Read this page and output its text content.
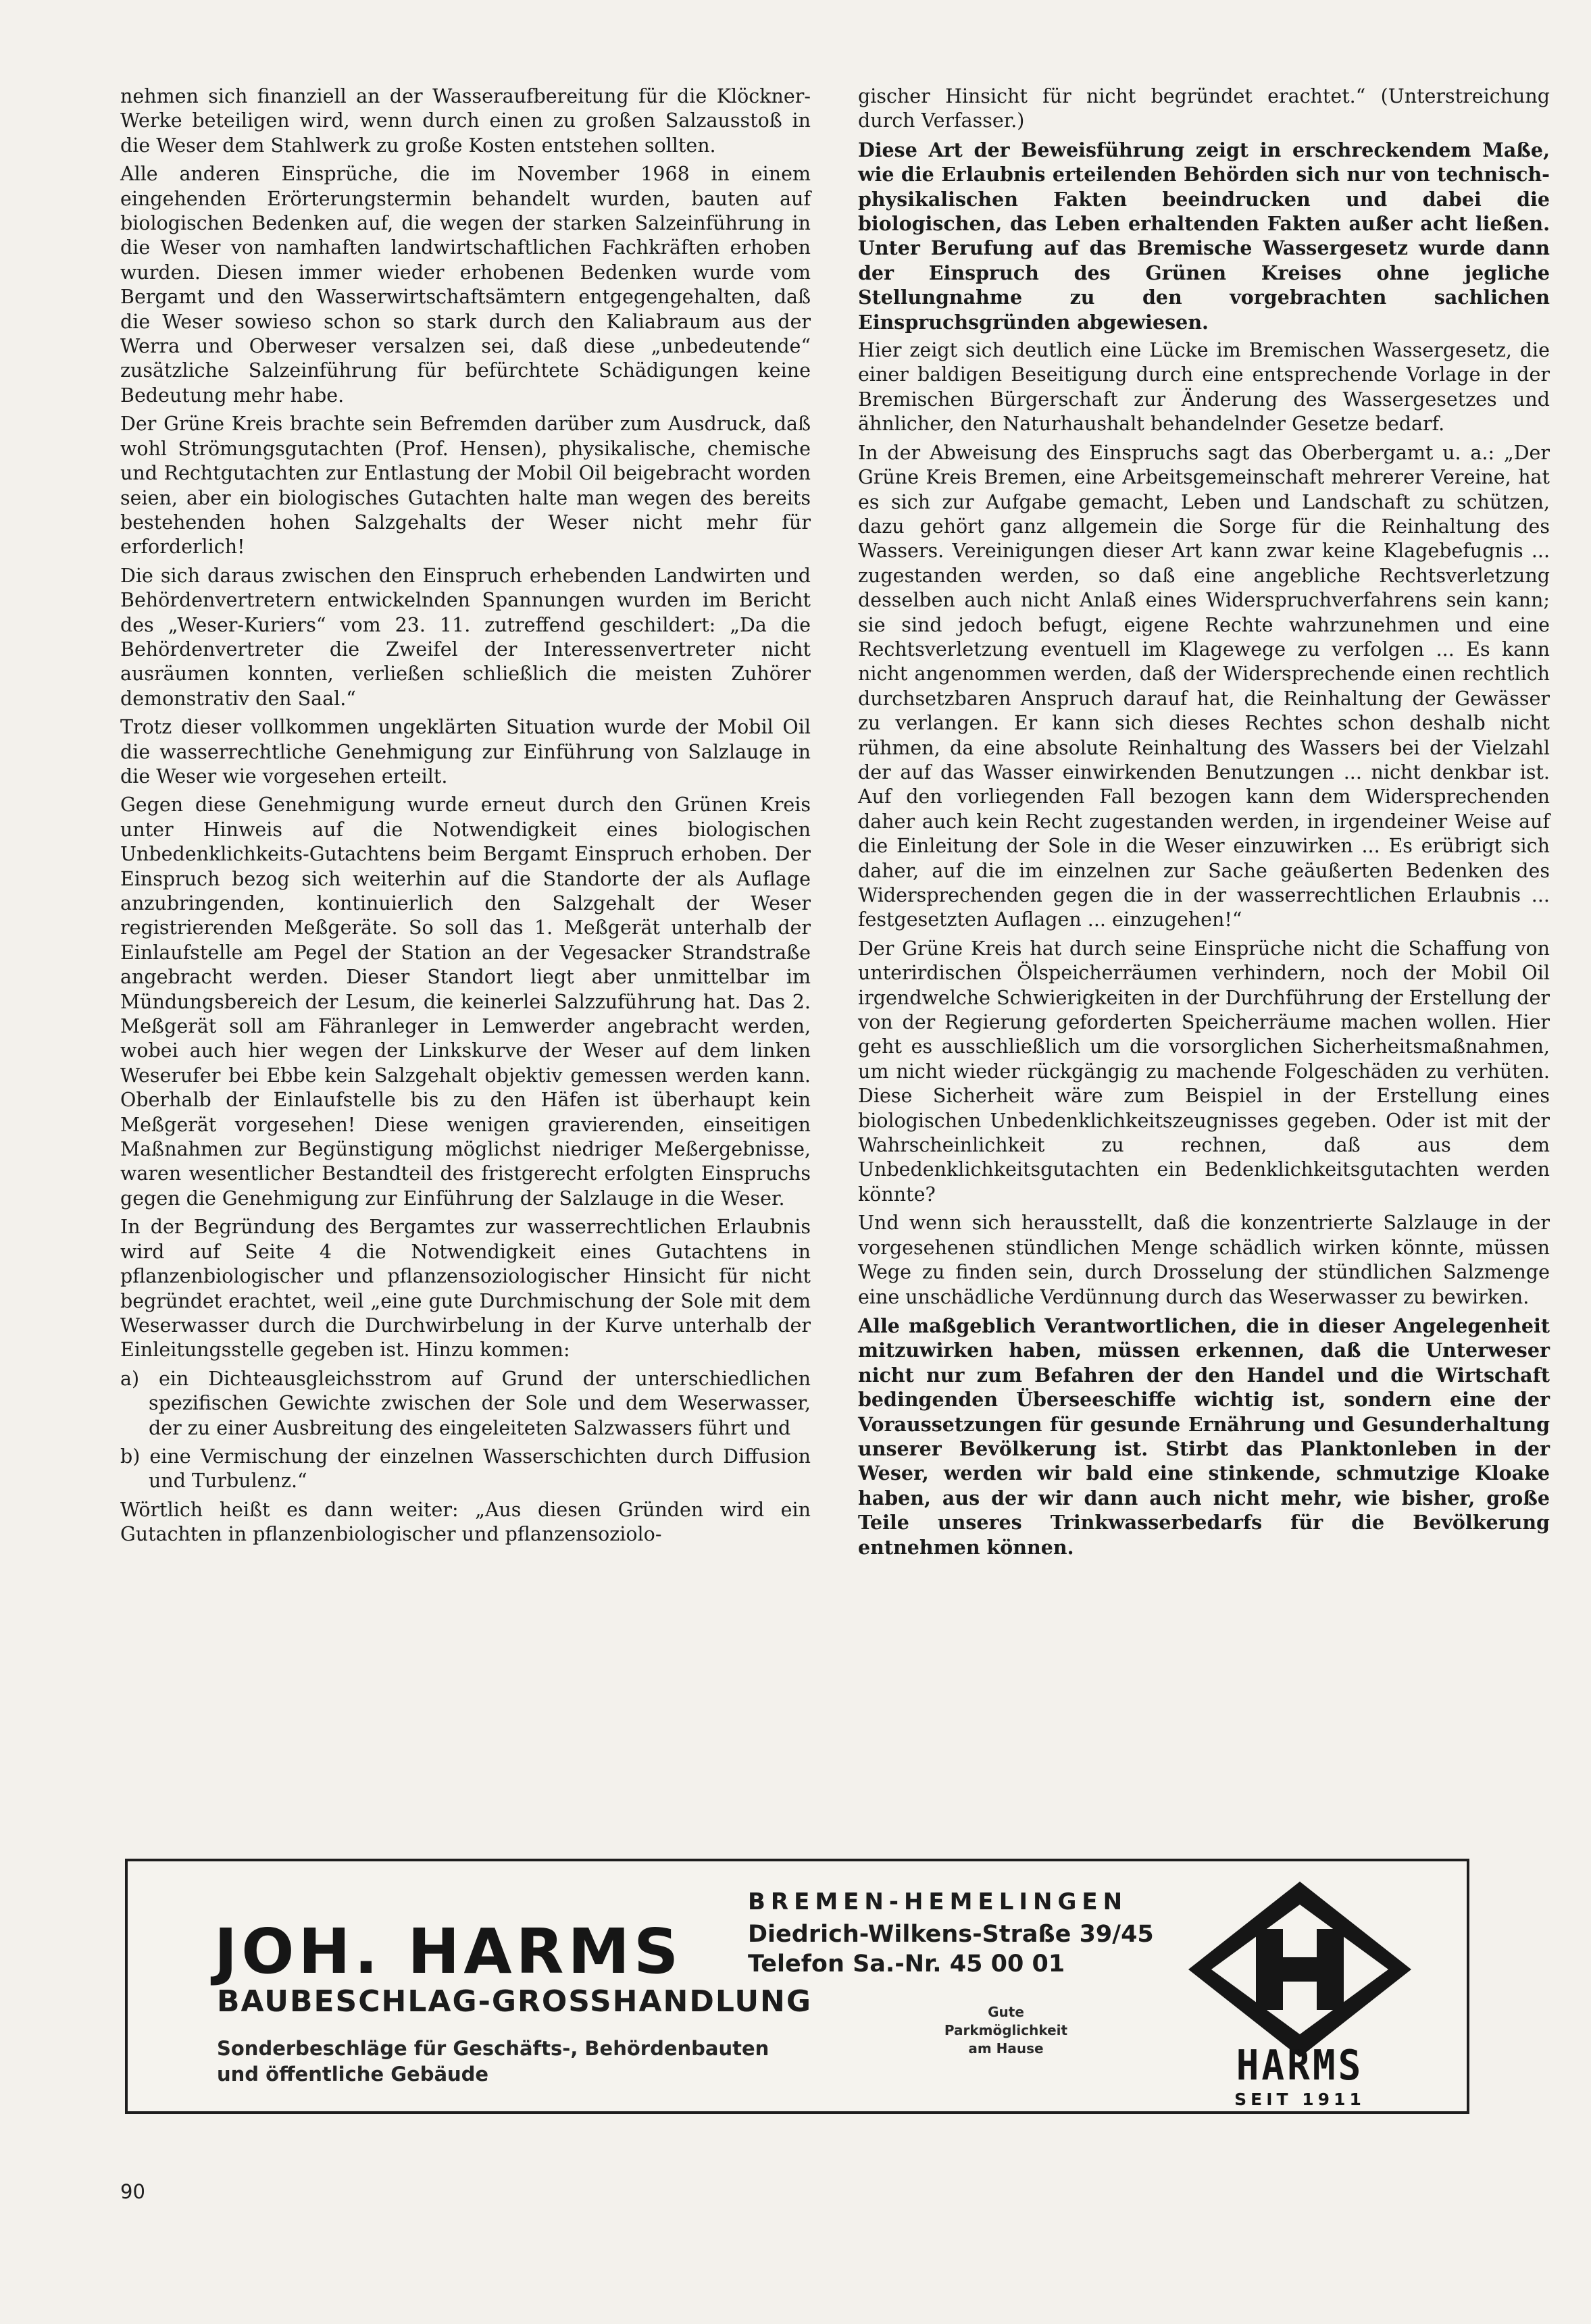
nehmen sich finanziell an der Wasseraufbereitung für die Klöckner-Werke beteiligen wird, wenn durch einen zu großen Salzausstoß in die Weser dem Stahlwerk zu große Kosten entstehen sollten.

Alle anderen Einsprüche, die im November 1968 in einem eingehenden Erörterungstermin behandelt wurden, bauten auf biologischen Bedenken auf, die wegen der starken Salzeinführung in die Weser von namhaften landwirtschaftlichen Fachkräften erhoben wurden. Diesen immer wieder erhobenen Bedenken wurde vom Bergamt und den Wasserwirtschaftsämtern entgegengehalten, daß die Weser sowieso schon so stark durch den Kaliabraum aus der Werra und Oberweser versalzen sei, daß diese „unbedeutende“ zusätzliche Salzeinführung für befürchtete Schädigungen keine Bedeutung mehr habe.

Der Grüne Kreis brachte sein Befremden darüber zum Ausdruck, daß wohl Strömungsgutachten (Prof. Hensen), physikalische, chemische und Rechtgutachten zur Entlastung der Mobil Oil beigebracht worden seien, aber ein biologisches Gutachten halte man wegen des bereits bestehenden hohen Salzgehalts der Weser nicht mehr für erforderlich!

Die sich daraus zwischen den Einspruch erhebenden Landwirten und Behördenvertretern entwickelnden Spannungen wurden im Bericht des „Weser-Kuriers“ vom 23. 11. zutreffend geschildert: „Da die Behördenvertreter die Zweifel der Interessenvertreter nicht ausräumen konnten, verließen schließlich die meisten Zuhörer demonstrativ den Saal.“

Trotz dieser vollkommen ungeklärten Situation wurde der Mobil Oil die wasserrechtliche Genehmigung zur Einführung von Salzlauge in die Weser wie vorgesehen erteilt.

Gegen diese Genehmigung wurde erneut durch den Grünen Kreis unter Hinweis auf die Notwendigkeit eines biologischen Unbedenklichkeits-Gutachtens beim Bergamt Einspruch erhoben. Der Einspruch bezog sich weiterhin auf die Standorte der als Auflage anzubringenden, kontinuierlich den Salzgehalt der Weser registrierenden Meßgeräte. So soll das 1. Meßgerät unterhalb der Einlaufstelle am Pegel der Station an der Vegesacker Strandstraße angebracht werden. Dieser Standort liegt aber unmittelbar im Mündungsbereich der Lesum, die keinerlei Salzzuführung hat. Das 2. Meßgerät soll am Fähranleger in Lemwerder angebracht werden, wobei auch hier wegen der Linkskurve der Weser auf dem linken Weserufer bei Ebbe kein Salzgehalt objektiv gemessen werden kann. Oberhalb der Einlaufstelle bis zu den Häfen ist überhaupt kein Meßgerät vorgesehen! Diese wenigen gravierenden, einseitigen Maßnahmen zur Begünstigung möglichst niedriger Meßergebnisse, waren wesentlicher Bestandteil des fristgerecht erfolgten Einspruchs gegen die Genehmigung zur Einführung der Salzlauge in die Weser.

In der Begründung des Bergamtes zur wasserrechtlichen Erlaubnis wird auf Seite 4 die Notwendigkeit eines Gutachtens in pflanzenbiologischer und pflanzensoziologischer Hinsicht für nicht begründet erachtet, weil „eine gute Durchmischung der Sole mit dem Weserwasser durch die Durchwirbelung in der Kurve unterhalb der Einleitungsstelle gegeben ist. Hinzu kommen:

a) ein Dichteausgleichsstrom auf Grund der unterschiedlichen spezifischen Gewichte zwischen der Sole und dem Weserwasser, der zu einer Ausbreitung des eingeleiteten Salzwassers führt und

b) eine Vermischung der einzelnen Wasserschichten durch Diffusion und Turbulenz.“

Wörtlich heißt es dann weiter: „Aus diesen Gründen wird ein Gutachten in pflanzenbiologischer und pflanzensoziolo-

gischer Hinsicht für nicht begründet erachtet.“ (Unterstreichung durch Verfasser.)

Diese Art der Beweisführung zeigt in erschreckendem Maße, wie die Erlaubnis erteilenden Behörden sich nur von technisch-physikalischen Fakten beeindrucken und dabei die biologischen, das Leben erhaltenden Fakten außer acht ließen. Unter Berufung auf das Bremische Wassergesetz wurde dann der Einspruch des Grünen Kreises ohne jegliche Stellungnahme zu den vorgebrachten sachlichen Einspruchsgründen abgewiesen.

Hier zeigt sich deutlich eine Lücke im Bremischen Wassergesetz, die einer baldigen Beseitigung durch eine entsprechende Vorlage in der Bremischen Bürgerschaft zur Änderung des Wassergesetzes und ähnlicher, den Naturhaushalt behandelnder Gesetze bedarf.

In der Abweisung des Einspruchs sagt das Oberbergamt u. a.: „Der Grüne Kreis Bremen, eine Arbeitsgemeinschaft mehrerer Vereine, hat es sich zur Aufgabe gemacht, Leben und Landschaft zu schützen, dazu gehört ganz allgemein die Sorge für die Reinhaltung des Wassers. Vereinigungen dieser Art kann zwar keine Klagebefugnis ... zugestanden werden, so daß eine angebliche Rechtsverletzung desselben auch nicht Anlaß eines Widerspruchverfahrens sein kann; sie sind jedoch befugt, eigene Rechte wahrzunehmen und eine Rechtsverletzung eventuell im Klagewege zu verfolgen ... Es kann nicht angenommen werden, daß der Widersprechende einen rechtlich durchsetzbaren Anspruch darauf hat, die Reinhaltung der Gewässer zu verlangen. Er kann sich dieses Rechtes schon deshalb nicht rühmen, da eine absolute Reinhaltung des Wassers bei der Vielzahl der auf das Wasser einwirkenden Benutzungen ... nicht denkbar ist. Auf den vorliegenden Fall bezogen kann dem Widersprechenden daher auch kein Recht zugestanden werden, in irgendeiner Weise auf die Einleitung der Sole in die Weser einzuwirken ... Es erübrigt sich daher, auf die im einzelnen zur Sache geäußerten Bedenken des Widersprechenden gegen die in der wasserrechtlichen Erlaubnis ... festgesetzten Auflagen ... einzugehen!“

Der Grüne Kreis hat durch seine Einsprüche nicht die Schaffung von unterirdischen Ölspeicherräumen verhindern, noch der Mobil Oil irgendwelche Schwierigkeiten in der Durchführung der Erstellung der von der Regierung geforderten Speicherräume machen wollen. Hier geht es ausschließlich um die vorsorglichen Sicherheitsmaßnahmen, um nicht wieder rückgängig zu machende Folgeschäden zu verhüten. Diese Sicherheit wäre zum Beispiel in der Erstellung eines biologischen Unbedenklichkeitszeugnisses gegeben. Oder ist mit der Wahrscheinlichkeit zu rechnen, daß aus dem Unbedenklichkeitsgutachten ein Bedenklichkeitsgutachten werden könnte?

Und wenn sich herausstellt, daß die konzentrierte Salzlauge in der vorgesehenen stündlichen Menge schädlich wirken könnte, müssen Wege zu finden sein, durch Drosselung der stündlichen Salzmenge eine unschädliche Verdünnung durch das Weserwasser zu bewirken.

Alle maßgeblich Verantwortlichen, die in dieser Angelegenheit mitzuwirken haben, müssen erkennen, daß die Unterweser nicht nur zum Befahren der den Handel und die Wirtschaft bedingenden Überseeschiffe wichtig ist, sondern eine der Voraussetzungen für gesunde Ernährung und Gesunderhaltung unserer Bevölkerung ist. Stirbt das Planktonleben in der Weser, werden wir bald eine stinkende, schmutzige Kloake haben, aus der wir dann auch nicht mehr, wie bisher, große Teile unseres Trinkwasserbedarfs für die Bevölkerung entnehmen können.

JOH. HARMS
BAUBESCHLAG-GROSSHANDLUNG
Sonderbeschläge für Geschäfts-, Behördenbauten
und öffentliche Gebäude
BREMEN-HEMELINGEN
Diedrich-Wilkens-Straße 39/45
Telefon Sa.-Nr. 45 00 01
Gute
Parkmöglichkeit
am Hause	HARMS
SEIT 1911
90
